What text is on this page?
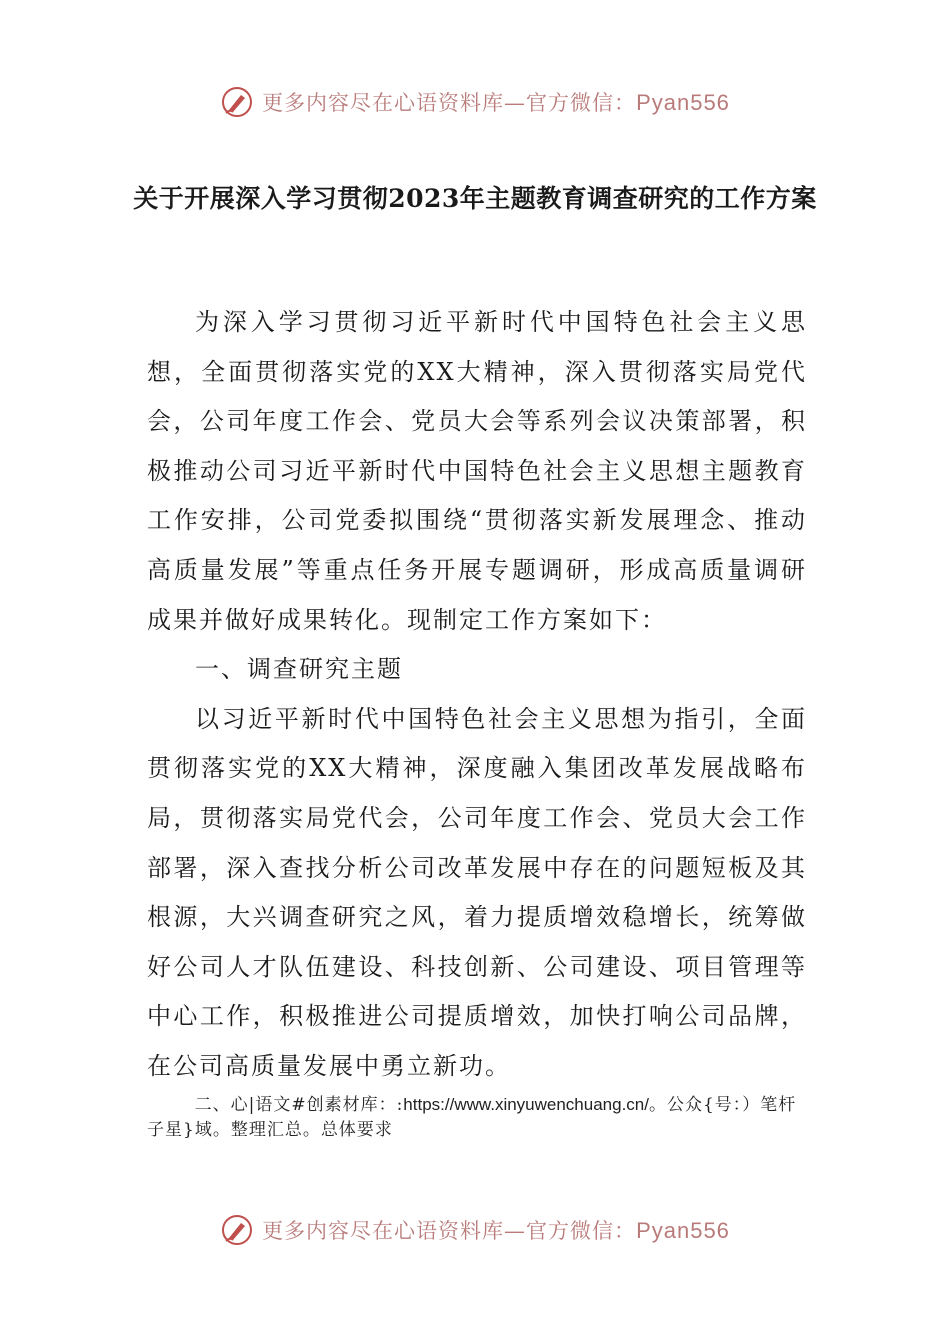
更多内容尽在心语资料库—官方微信：Pyan556
关于开展深入学习贯彻2023年主题教育调查研究的工作方案

为深入学习贯彻习近平新时代中国特色社会主义思想，全面贯彻落实党的XX大精神，深入贯彻落实局党代会，公司年度工作会、党员大会等系列会议决策部署，积极推动公司习近平新时代中国特色社会主义思想主题教育工作安排，公司党委拟围绕“贯彻落实新发展理念、推动高质量发展”等重点任务开展专题调研，形成高质量调研成果并做好成果转化。现制定工作方案如下：

一、调查研究主题

以习近平新时代中国特色社会主义思想为指引，全面贯彻落实党的XX大精神，深度融入集团改革发展战略布局，贯彻落实局党代会，公司年度工作会、党员大会工作部署，深入查找分析公司改革发展中存在的问题短板及其根源，大兴调查研究之风，着力提质增效稳增长，统筹做好公司人才队伍建设、科技创新、公司建设、项目管理等中心工作，积极推进公司提质增效，加快打响公司品牌，在公司高质量发展中勇立新功。

二、心|语文#创素材库：:https://www.xinyuwenchuang.cn/。公众{号：）笔杆子星}域。整理汇总。总体要求
更多内容尽在心语资料库—官方微信：Pyan556
